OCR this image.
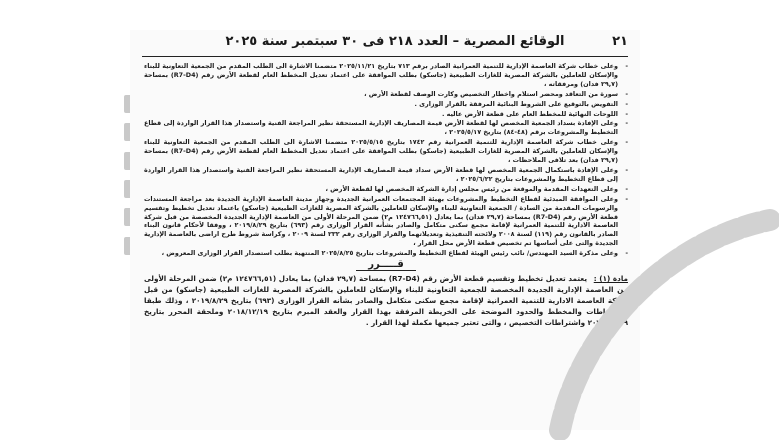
الوقائع المصرية – العدد ٢١٨ فى ٣٠ سبتمبر سنة ٢٠٢٥	٢١

- وعلى خطاب شركة العاصمة الإدارية للتنمية العمرانية الصادر برقم ٧١٣ بتاريخ ٢٠٢٥/١١/٢١ متضمنا الاشارة الى الطلب المقدم من الجمعية التعاونية للبناء والإسكان للعاملين بالشركة المصرية للغازات الطبيعية (جاسكو) بطلب الموافقة على اعتماد تعديل المخطط العام لقطعة الأرض رقم (R7-D4) بمساحة (٢٩,٧ فدان) ومرفقاته ،

- سورة من التعاقد ومحضر استلام واخطار التخصيص وكارت الوصف لقطعة الأرض ،

- التفويض بالتوقيع على الشروط البنائية المرفقة بالقرار الوزارى .

- اللوحات النهائية للمخطط العام على قطعة الأرض عاليه .

- وعلى الإفادة بسداد الجمعية المخصص لها لقطعة الأرض قيمة المصاريف الإدارية المستحقة نظير المراجعة الفنية واستصدار هذا القرار الواردة إلى قطاع التخطيط والمشروعات برقم (٤٨-٨٤) بتاريخ ٢٠٢٥/٥/١٧ ،

- وعلى خطاب شركة العاصمة الإدارية للتنمية العمرانية رقم ١٧٤٢ بتاريخ ٢٠٢٥/٥/١٥ متضمنا الاشارة الى الطلب المقدم من الجمعية التعاونية للبناء والإسكان للعاملين بالشركة المصرية للغازات الطبيعية (جاسكو) بطلب الموافقة على اعتماد تعديل المخطط العام لقطعة الأرض رقم (R7-D4) بمساحة (٢٩,٧ فدان) بعد تلافى الملاحظات ،

- وعلى الإفادة باستكمال الجمعية المخصص لها قطعة الأرض سداد قيمة المصاريف الإدارية المستحقة نظير المراجعة الفنية واستصدار هذا القرار الواردة إلى قطاع التخطيط والمشروعات بتاريخ ٢٠٢٥/٦/٢٢ ،

- وعلى التعهدات المقدمة والموقعة من رئيس مجلس إدارة الشركة المخصص لها لقطعة الأرض ،

- وعلى الموافقة المبدئية لقطاع التخطيط والمشروعات بهيئة المجتمعات العمرانية الجديدة وجهاز مدينة العاصمة الإدارية الجديدة بعد مراجعة المستندات والرسومات المقدمة من السادة / الجمعية التعاونية للبناء والإسكان للعاملين بالشركة المصرية للغازات الطبيعية (جاسكو) باعتماد تعديل تخطيط وتقسيم قطعة الأرض رقم (R7-D4) بمساحة (٢٩,٧ فدان) بما يعادل (١٢٤٧٦٦,٥١ م٢) ضمن المرحلة الأولى من العاصمة الإدارية الجديدة المخصصة من قبل شركة العاصمة الادارية للتنمية العمرانية لإقامة مجمع سكنى متكامل والصادر بشأنه القرار الوزارى رقم (٦٩٣) بتاريخ ٢٠١٩/٨/٢٩ ، ووفقا لأحكام قانون البناء الصادر بالقانون رقم (١١٩) لسنة ٢٠٠٨ ولائحته التنفيذية وتعديلاتهما والقرار الوزارى رقم ٢٣٢ لسنة ٢٠٠٩ ، وكراسة شروط طرح اراضى بالعاصمة الإدارية الجديدة والتى على أساسها تم تخصيص قطعة الأرض محل القرار ،

- وعلى مذكرة السيد المهندس/ نائب رئيس الهيئة لقطاع التخطيط والمشروعات بتاريخ ٢٠٢٥/٨/٢٥ المنتهية بطلب استصدار القرار الوزارى المعروض ،

قـــــرر
مادة (١) : يعتمد تعديل تخطيط وتقسيم قطعة الأرض رقم (R7-D4) بمساحة (٢٩,٧ فدان) بما يعادل (١٢٤٧٦٦,٥١ م٢) ضمن المرحلة الأولى من العاصمة الإدارية الجديدة المخصصة للجمعية التعاونية للبناء والإسكان للعاملين بالشركة المصرية للغازات الطبيعية (جاسكو) من قبل شركة العاصمة الادارية للتنمية العمرانية لإقامة مجمع سكنى متكامل والصادر بشأنه القرار الوزارى (٦٩٣) بتاريخ ٢٠١٩/٨/٢٩ ، وذلك طبقا للاشتراطات والمخطط والحدود الموضحة على الخريطة المرفقة بهذا القرار والعقد المبرم بتاريخ ٢٠١٨/١٢/١٩ وملحقة المحرر بتاريخ ٢٠٢١/١١/١٩ واشتراطات التخصيص ، والتى تعتبر جميعها مكملة لهذا القرار .
